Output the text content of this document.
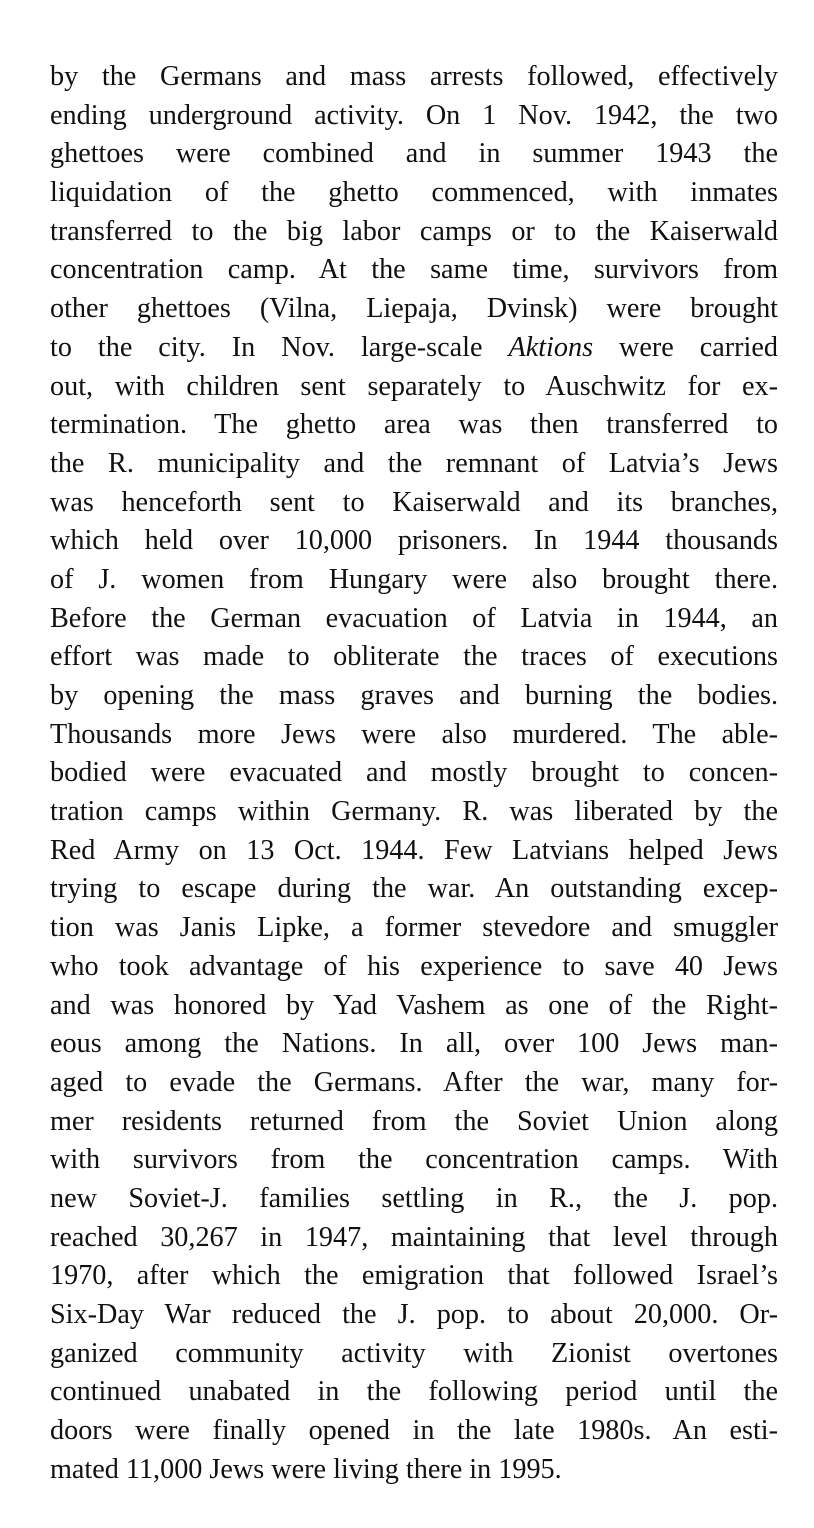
by the Germans and mass arrests followed, effectively
ending underground activity. On 1 Nov. 1942, the two
ghettoes were combined and in summer 1943 the
liquidation of the ghetto commenced, with inmates
transferred to the big labor camps or to the Kaiserwald
concentration camp. At the same time, survivors from
other ghettoes (Vilna, Liepaja, Dvinsk) were brought
to the city. In Nov. large-scale Aktions were carried
out, with children sent separately to Auschwitz for ex-
termination. The ghetto area was then transferred to
the R. municipality and the remnant of Latvia’s Jews
was henceforth sent to Kaiserwald and its branches,
which held over 10,000 prisoners. In 1944 thousands
of J. women from Hungary were also brought there.
Before the German evacuation of Latvia in 1944, an
effort was made to obliterate the traces of executions
by opening the mass graves and burning the bodies.
Thousands more Jews were also murdered. The able-
bodied were evacuated and mostly brought to concen-
tration camps within Germany. R. was liberated by the
Red Army on 13 Oct. 1944. Few Latvians helped Jews
trying to escape during the war. An outstanding excep-
tion was Janis Lipke, a former stevedore and smuggler
who took advantage of his experience to save 40 Jews
and was honored by Yad Vashem as one of the Right-
eous among the Nations. In all, over 100 Jews man-
aged to evade the Germans. After the war, many for-
mer residents returned from the Soviet Union along
with survivors from the concentration camps. With
new Soviet-J. families settling in R., the J. pop.
reached 30,267 in 1947, maintaining that level through
1970, after which the emigration that followed Israel’s
Six-Day War reduced the J. pop. to about 20,000. Or-
ganized community activity with Zionist overtones
continued unabated in the following period until the
doors were finally opened in the late 1980s. An esti-
mated 11,000 Jews were living there in 1995.
